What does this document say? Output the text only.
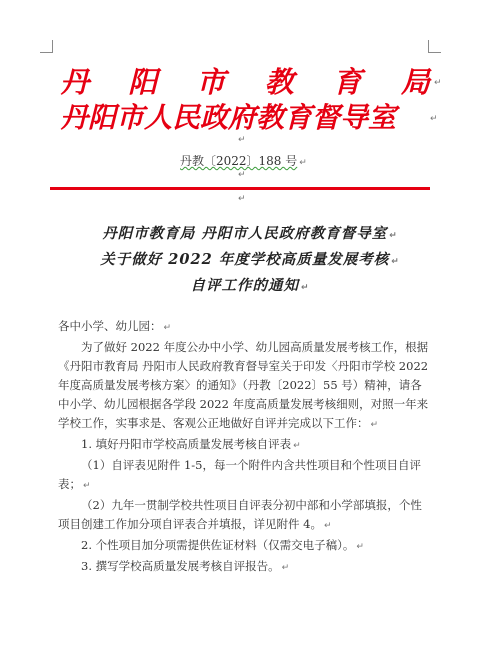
丹 阳 市 教 育 局 ↵
丹阳市人民政府教育督导室	↵
↵
丹教〔2022〕188 号 ↵
↵
↵
丹阳市教育局 丹阳市人民政府教育督导室 ↵
关于做好 2022 年度学校高质量发展考核 ↵
自评工作的通知 ↵
各中小学、幼儿园： ↵

为了做好 2022 年度公办中小学、幼儿园高质量发展考核工作，根据《丹阳市教育局 丹阳市人民政府教育督导室关于印发〈丹阳市学校 2022 年度高质量发展考核方案〉的通知》（丹教〔2022〕55 号）精神，请各中小学、幼儿园根据各学段 2022 年度高质量发展考核细则，对照一年来学校工作，实事求是、客观公正地做好自评并完成以下工作： ↵

1. 填好丹阳市学校高质量发展考核自评表 ↵

（1）自评表见附件 1-5，每一个附件内含共性项目和个性项目自评表； ↵

（2）九年一贯制学校共性项目自评表分初中部和小学部填报，个性项目创建工作加分项自评表合并填报，详见附件 4。 ↵

2. 个性项目加分项需提供佐证材料（仅需交电子稿）。 ↵

3. 撰写学校高质量发展考核自评报告。 ↵
